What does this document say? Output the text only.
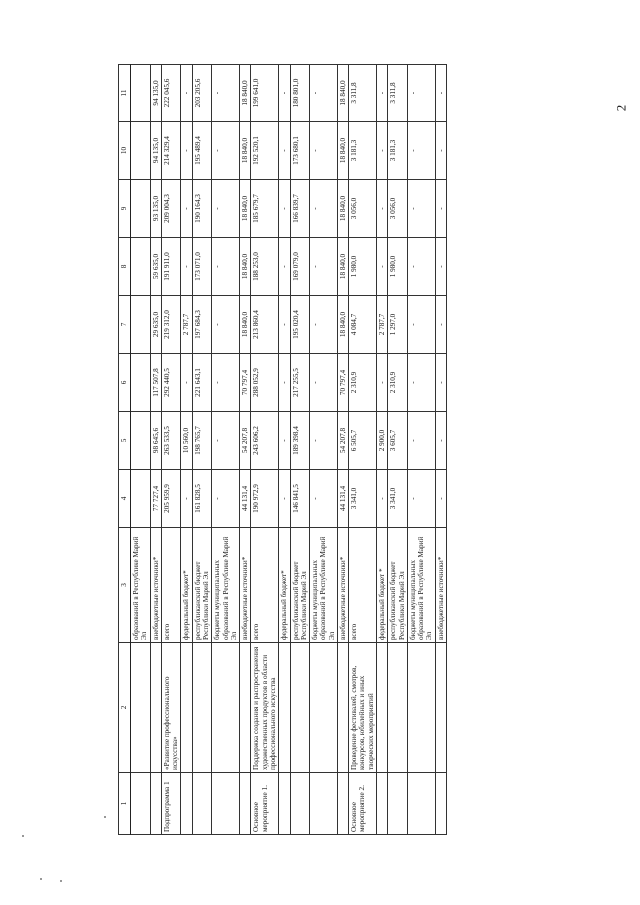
2
1	2	3	4	5	6	7	8	9	10	11
		образований в Республике Марий Эл								
		внебюджетные источники*	77 727,4	98 645,6	117 507,8	29 635,0	59 635,0	93 135,0	94 135,0	94 135,0
Подпрограмма 1	«Развитие профессионального искусства»	всего	205 959,9	263 533,5	292 440,5	219 312,0	191 911,0	209 004,3	214 329,4	222 045,6
		федеральный бюджет*	-	10 560,0	-	2 787,7	-	-	-	-
		республиканский бюджет Республики Марий Эл	161 828,5	198 765,7	221 643,1	197 684,3	173 071,0	190 164,3	195 489,4	203 205,6
		бюджеты муниципальных образований в Республике Марий Эл	-	-	-	-	-	-	-	-
		внебюджетные источники*	44 131,4	54 207,8	70 797,4	18 840,0	18 840,0	18 840,0	18 840,0	18 840,0
Основное мероприятие 1.	Поддержка создания и распространения художественных продуктов в области профессионального искусства	всего	190 972,9	243 606,2	288 052,9	213 860,4	188 253,0	185 679,7	192 520,1	199 641,0
		федеральный бюджет*	-	-	-	-	-	-	-	-
		республиканский бюджет Республики Марий Эл	146 841,5	189 398,4	217 255,5	195 020,4	169 079,0	166 839,7	173 680,1	180 801,0
		бюджеты муниципальных образований в Республике Марий Эл	-	-	-	-	-	-	-	-
		внебюджетные источники*	44 131,4	54 207,8	70 797,4	18 840,0	18 840,0	18 840,0	18 840,0	18 840,0
Основное мероприятие 2.	Проведение фестивалей, смотров, конкурсов, юбилейных и иных творческих мероприятий	всего	3 341,0	6 505,7	2 310,9	4 084,7	1 980,0	3 056,0	3 181,3	3 311,8
		федеральный бюджет *	-	2 900,0	-	2 787,7	-	-	-	-
		республиканский бюджет Республики Марий Эл	3 341,0	3 605,7	2 310,9	1 297,0	1 980,0	3 056,0	3 181,3	3 311,8
		бюджеты муниципальных образований в Республике Марий Эл	-	-	-	-	-	-	-	-
		внебюджетные источники*	-	-	-	-	-	-	-	-
